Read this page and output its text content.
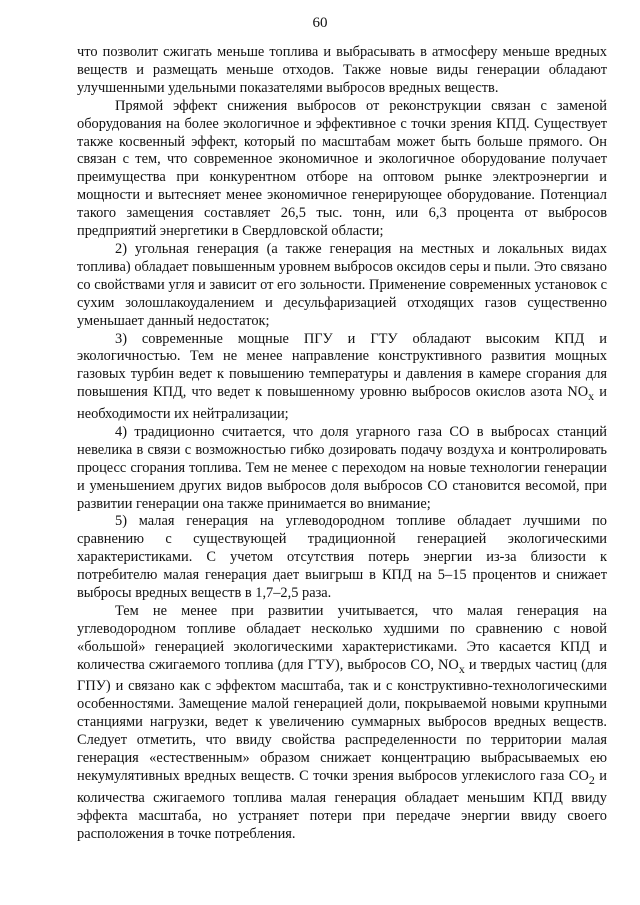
60

что позволит сжигать меньше топлива и выбрасывать в атмосферу меньше вредных веществ и размещать меньше отходов. Также новые виды генерации обладают улучшенными удельными показателями выбросов вредных веществ.

Прямой эффект снижения выбросов от реконструкции связан с заменой оборудования на более экологичное и эффективное с точки зрения КПД. Существует также косвенный эффект, который по масштабам может быть больше прямого. Он связан с тем, что современное экономичное и экологичное оборудование получает преимущества при конкурентном отборе на оптовом рынке электроэнергии и мощности и вытесняет менее экономичное генерирующее оборудование. Потенциал такого замещения составляет 26,5 тыс. тонн, или 6,3 процента от выбросов предприятий энергетики в Свердловской области;

2) угольная генерация (а также генерация на местных и локальных видах топлива) обладает повышенным уровнем выбросов оксидов серы и пыли. Это связано со свойствами угля и зависит от его зольности. Применение современных установок с сухим золошлакоудалением и десульфаризацией отходящих газов существенно уменьшает данный недостаток;

3) современные мощные ПГУ и ГТУ обладают высоким КПД и экологичностью. Тем не менее направление конструктивного развития мощных газовых турбин ведет к повышению температуры и давления в камере сгорания для повышения КПД, что ведет к повышенному уровню выбросов окислов азота $NO_x$ и необходимости их нейтрализации;

4) традиционно считается, что доля угарного газа СО в выбросах станций невелика в связи с возможностью гибко дозировать подачу воздуха и контролировать процесс сгорания топлива. Тем не менее с переходом на новые технологии генерации и уменьшением других видов выбросов доля выбросов СО становится весомой, при развитии генерации она также принимается во внимание;

5) малая генерация на углеводородном топливе обладает лучшими по сравнению с существующей традиционной генерацией экологическими характеристиками. С учетом отсутствия потерь энергии из-за близости к потребителю малая генерация дает выигрыш в КПД на 5–15 процентов и снижает выбросы вредных веществ в 1,7–2,5 раза.

Тем не менее при развитии учитывается, что малая генерация на углеводородном топливе обладает несколько худшими по сравнению с новой «большой» генерацией экологическими характеристиками. Это касается КПД и количества сжигаемого топлива (для ГТУ), выбросов СО, $NO_x$ и твердых частиц (для ГПУ) и связано как с эффектом масштаба, так и с конструктивно-технологическими особенностями. Замещение малой генерацией доли, покрываемой новыми крупными станциями нагрузки, ведет к увеличению суммарных выбросов вредных веществ. Следует отметить, что ввиду свойства распределенности по территории малая генерация «естественным» образом снижает концентрацию выбрасываемых ею некумулятивных вредных веществ. С точки зрения выбросов углекислого газа $СО_2$ и количества сжигаемого топлива малая генерация обладает меньшим КПД ввиду эффекта масштаба, но устраняет потери при передаче энергии ввиду своего расположения в точке потребления.
